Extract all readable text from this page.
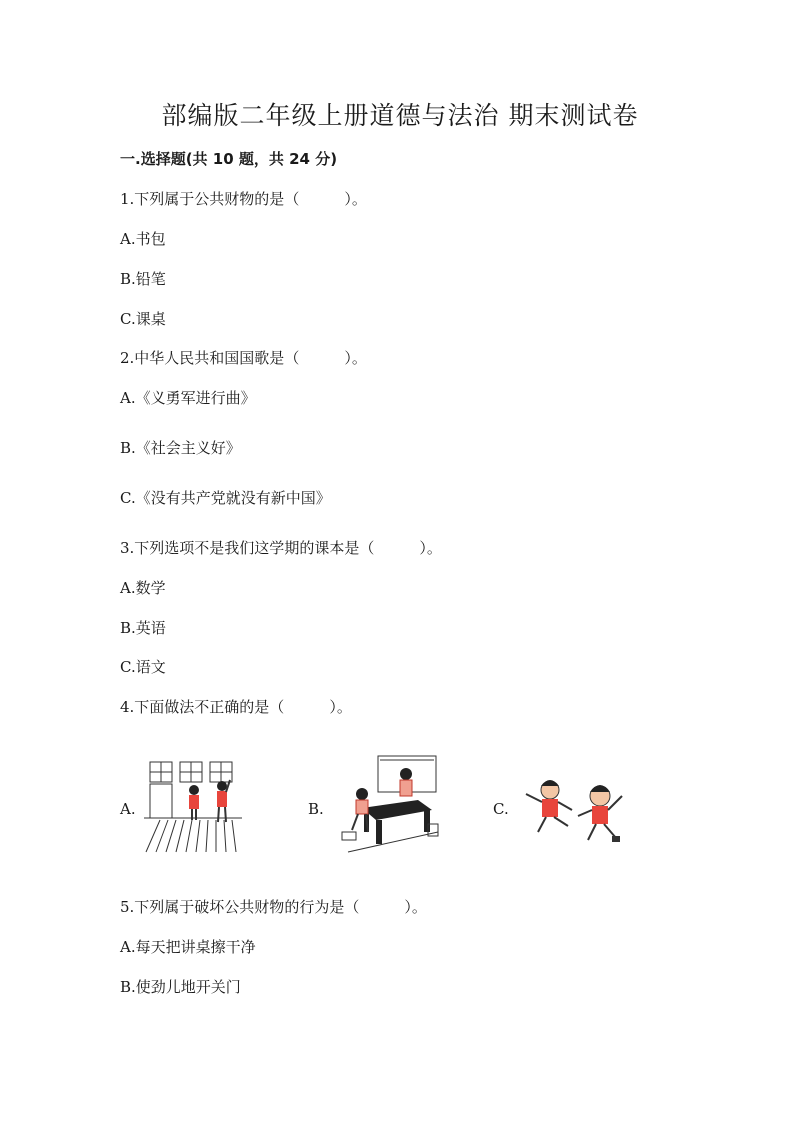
部编版二年级上册道德与法治 期末测试卷
一.选择题(共 10 题，共 24 分)
1.下列属于公共财物的是（　　　）。
A.书包
B.铅笔
C.课桌
2.中华人民共和国国歌是（　　　）。
A.《义勇军进行曲》
B.《社会主义好》
C.《没有共产党就没有新中国》
3.下列选项不是我们这学期的课本是（　　　）。
A.数学
B.英语
C.语文
4.下面做法不正确的是（　　　）。
A.	B.	C.
5.下列属于破坏公共财物的行为是（　　　）。
A.每天把讲桌擦干净
B.使劲儿地开关门
